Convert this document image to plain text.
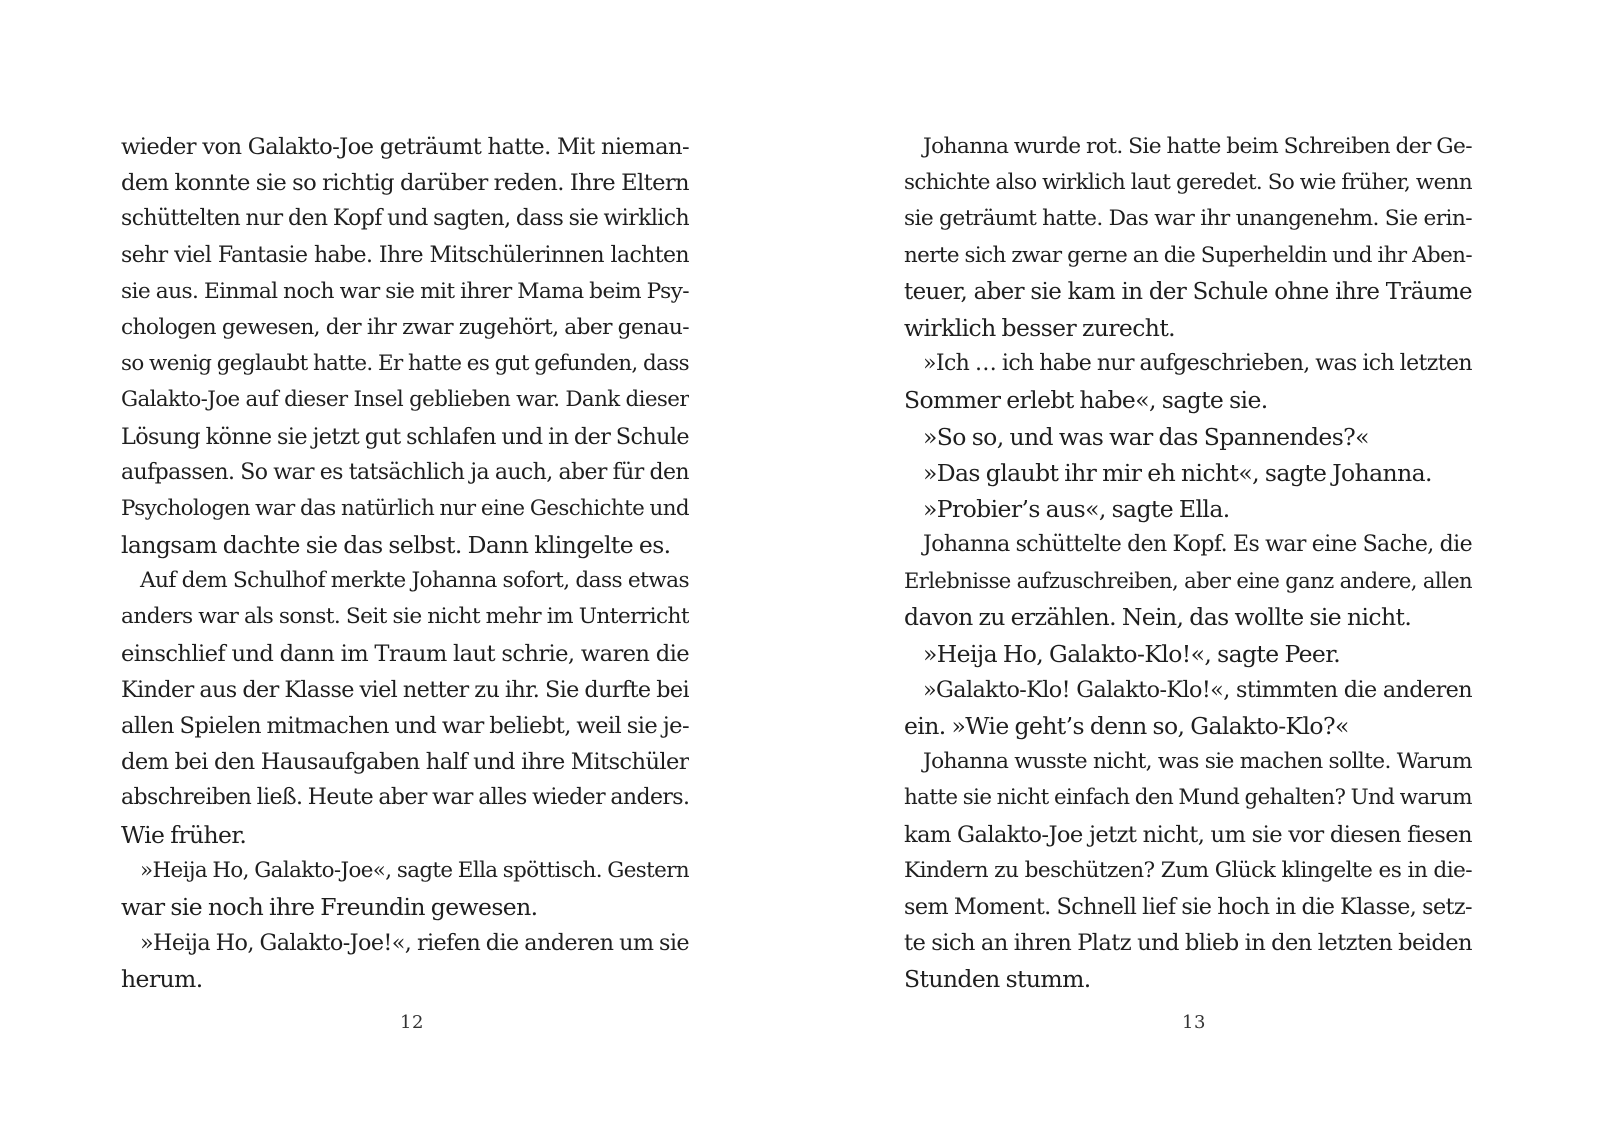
wieder von Galakto-Joe geträumt hatte. Mit nieman-
dem konnte sie so richtig darüber reden. Ihre Eltern
schüttelten nur den Kopf und sagten, dass sie wirklich
sehr viel Fantasie habe. Ihre Mitschülerinnen lachten
sie aus. Einmal noch war sie mit ihrer Mama beim Psy-
chologen gewesen, der ihr zwar zugehört, aber genau-
so wenig geglaubt hatte. Er hatte es gut gefunden, dass
Galakto-Joe auf dieser Insel geblieben war. Dank dieser
Lösung könne sie jetzt gut schlafen und in der Schule
aufpassen. So war es tatsächlich ja auch, aber für den
Psychologen war das natürlich nur eine Geschichte und
langsam dachte sie das selbst. Dann klingelte es.
Auf dem Schulhof merkte Johanna sofort, dass etwas
anders war als sonst. Seit sie nicht mehr im Unterricht
einschlief und dann im Traum laut schrie, waren die
Kinder aus der Klasse viel netter zu ihr. Sie durfte bei
allen Spielen mitmachen und war beliebt, weil sie je-
dem bei den Hausaufgaben half und ihre Mitschüler
abschreiben ließ. Heute aber war alles wieder anders.
Wie früher.
»Heija Ho, Galakto-Joe«, sagte Ella spöttisch. Gestern
war sie noch ihre Freundin gewesen.
»Heija Ho, Galakto-Joe!«, riefen die anderen um sie
herum.
12
Johanna wurde rot. Sie hatte beim Schreiben der Ge-
schichte also wirklich laut geredet. So wie früher, wenn
sie geträumt hatte. Das war ihr unangenehm. Sie erin-
nerte sich zwar gerne an die Superheldin und ihr Aben-
teuer, aber sie kam in der Schule ohne ihre Träume
wirklich besser zurecht.
»Ich … ich habe nur aufgeschrieben, was ich letzten
Sommer erlebt habe«, sagte sie.
»So so, und was war das Spannendes?«
»Das glaubt ihr mir eh nicht«, sagte Johanna.
»Probier’s aus«, sagte Ella.
Johanna schüttelte den Kopf. Es war eine Sache, die
Erlebnisse aufzuschreiben, aber eine ganz andere, allen
davon zu erzählen. Nein, das wollte sie nicht.
»Heija Ho, Galakto-Klo!«, sagte Peer.
»Galakto-Klo! Galakto-Klo!«, stimmten die anderen
ein. »Wie geht’s denn so, Galakto-Klo?«
Johanna wusste nicht, was sie machen sollte. Warum
hatte sie nicht einfach den Mund gehalten? Und warum
kam Galakto-Joe jetzt nicht, um sie vor diesen fiesen
Kindern zu beschützen? Zum Glück klingelte es in die-
sem Moment. Schnell lief sie hoch in die Klasse, setz-
te sich an ihren Platz und blieb in den letzten beiden
Stunden stumm.
13
